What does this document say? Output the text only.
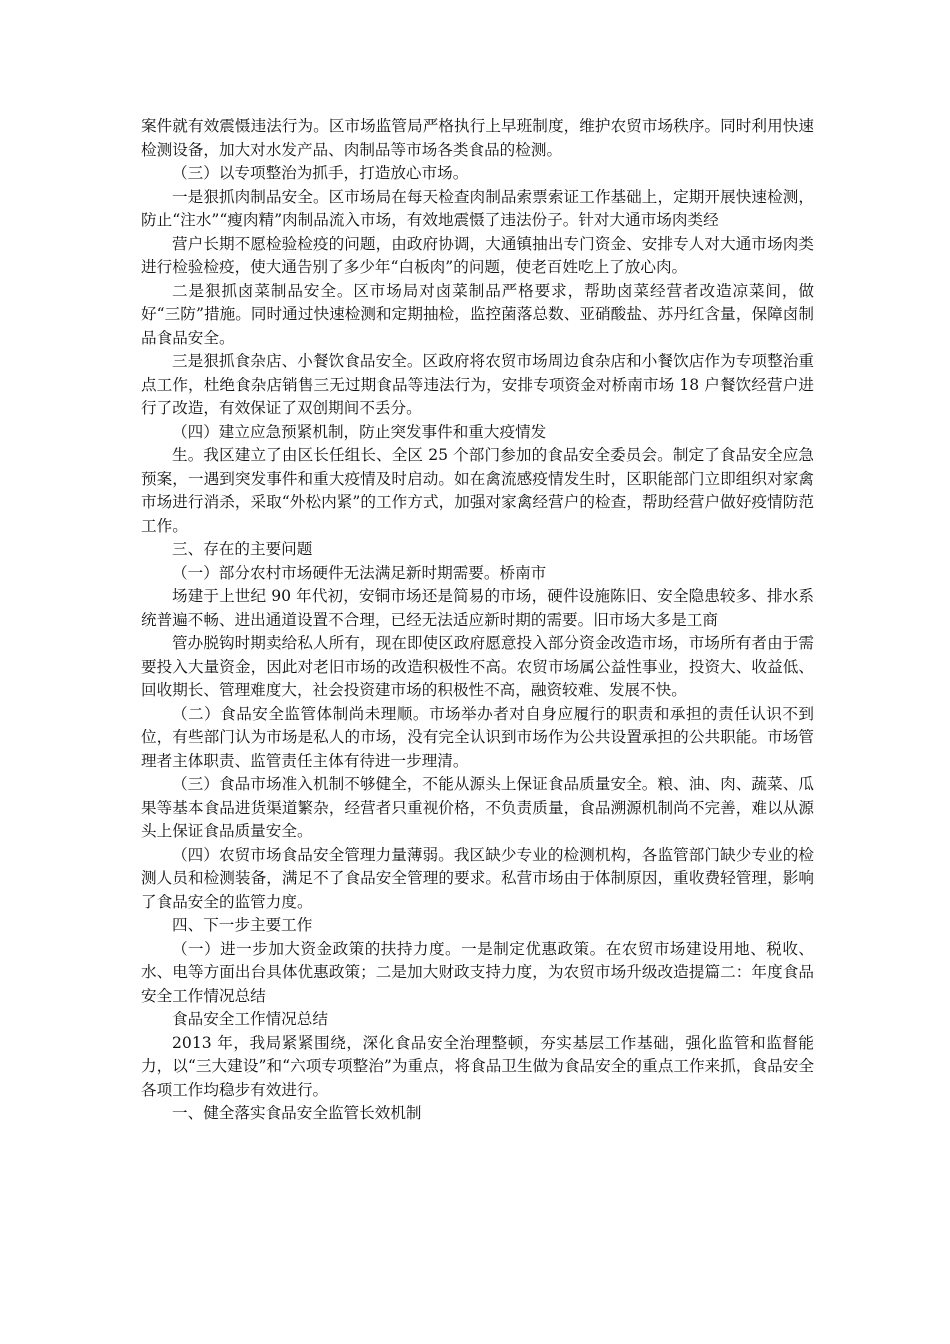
案件就有效震慑违法行为。区市场监管局严格执行上早班制度，维护农贸市场秩序。同时利用快速检测设备，加大对水发产品、肉制品等市场各类食品的检测。

（三）以专项整治为抓手，打造放心市场。

一是狠抓肉制品安全。区市场局在每天检查肉制品索票索证工作基础上，定期开展快速检测，防止“注水”“瘦肉精”肉制品流入市场，有效地震慑了违法份子。针对大通市场肉类经

营户长期不愿检验检疫的问题，由政府协调，大通镇抽出专门资金、安排专人对大通市场肉类进行检验检疫，使大通告别了多少年“白板肉”的问题，使老百姓吃上了放心肉。

二是狠抓卤菜制品安全。区市场局对卤菜制品严格要求，帮助卤菜经营者改造凉菜间，做好“三防”措施。同时通过快速检测和定期抽检，监控菌落总数、亚硝酸盐、苏丹红含量，保障卤制品食品安全。

三是狠抓食杂店、小餐饮食品安全。区政府将农贸市场周边食杂店和小餐饮店作为专项整治重点工作，杜绝食杂店销售三无过期食品等违法行为，安排专项资金对桥南市场 18 户餐饮经营户进行了改造，有效保证了双创期间不丢分。

（四）建立应急预紧机制，防止突发事件和重大疫情发

生。我区建立了由区长任组长、全区 25 个部门参加的食品安全委员会。制定了食品安全应急预案，一遇到突发事件和重大疫情及时启动。如在禽流感疫情发生时，区职能部门立即组织对家禽市场进行消杀，采取“外松内紧”的工作方式，加强对家禽经营户的检查，帮助经营户做好疫情防范工作。

三、存在的主要问题

（一）部分农村市场硬件无法满足新时期需要。桥南市

场建于上世纪 90 年代初，安铜市场还是简易的市场，硬件设施陈旧、安全隐患较多、排水系统普遍不畅、进出通道设置不合理，已经无法适应新时期的需要。旧市场大多是工商

管办脱钩时期卖给私人所有，现在即使区政府愿意投入部分资金改造市场，市场所有者由于需要投入大量资金，因此对老旧市场的改造积极性不高。农贸市场属公益性事业，投资大、收益低、回收期长、管理难度大，社会投资建市场的积极性不高，融资较难、发展不快。

（二）食品安全监管体制尚未理顺。市场举办者对自身应履行的职责和承担的责任认识不到位，有些部门认为市场是私人的市场，没有完全认识到市场作为公共设置承担的公共职能。市场管理者主体职责、监管责任主体有待进一步理清。

（三）食品市场准入机制不够健全，不能从源头上保证食品质量安全。粮、油、肉、蔬菜、瓜果等基本食品进货渠道繁杂，经营者只重视价格，不负责质量，食品溯源机制尚不完善，难以从源头上保证食品质量安全。

（四）农贸市场食品安全管理力量薄弱。我区缺少专业的检测机构，各监管部门缺少专业的检测人员和检测装备，满足不了食品安全管理的要求。私营市场由于体制原因，重收费轻管理，影响了食品安全的监管力度。

四、下一步主要工作

（一）进一步加大资金政策的扶持力度。一是制定优惠政策。在农贸市场建设用地、税收、水、电等方面出台具体优惠政策；二是加大财政支持力度，为农贸市场升级改造提篇二：年度食品安全工作情况总结

食品安全工作情况总结

2013 年，我局紧紧围绕，深化食品安全治理整顿，夯实基层工作基础，强化监管和监督能力，以“三大建设”和“六项专项整治”为重点，将食品卫生做为食品安全的重点工作来抓，食品安全各项工作均稳步有效进行。

一、健全落实食品安全监管长效机制
